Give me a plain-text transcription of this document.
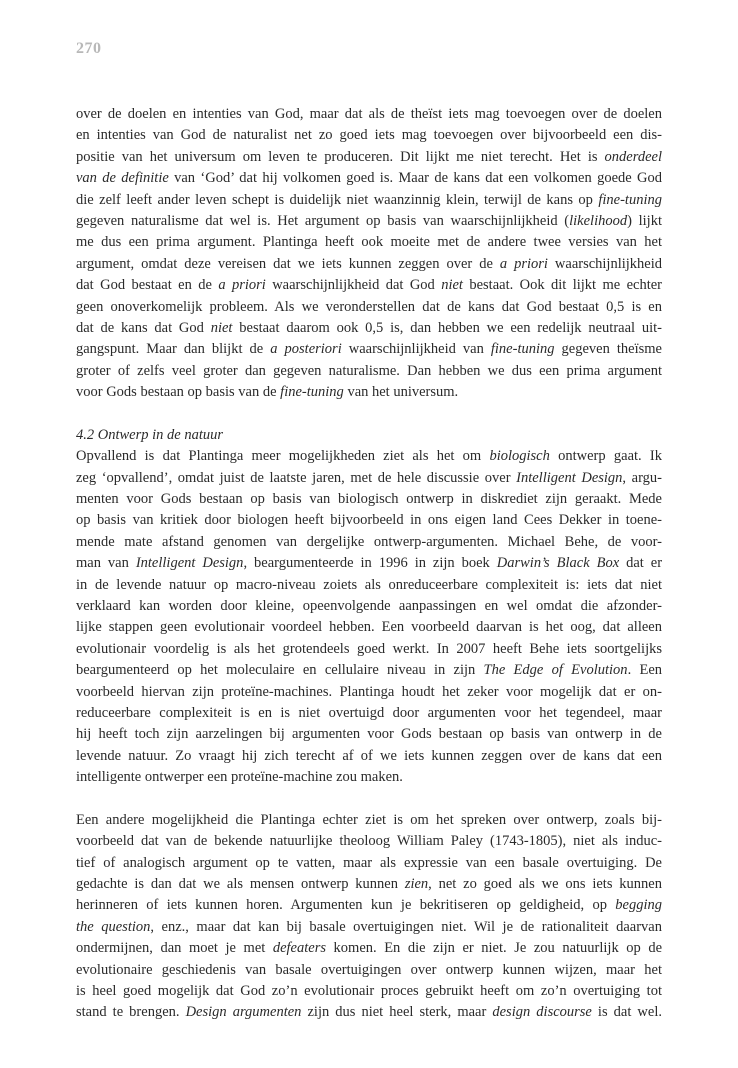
270
over de doelen en intenties van God, maar dat als de theïst iets mag toevoegen over de doelen
en intenties van God de naturalist net zo goed iets mag toevoegen over bijvoorbeeld een dis-
positie van het universum om leven te produceren. Dit lijkt me niet terecht. Het is onderdeel
van de definitie van ‘God’ dat hij volkomen goed is. Maar de kans dat een volkomen goede God
die zelf leeft ander leven schept is duidelijk niet waanzinnig klein, terwijl de kans op fine-tuning
gegeven naturalisme dat wel is. Het argument op basis van waarschijnlijkheid (likelihood) lijkt
me dus een prima argument. Plantinga heeft ook moeite met de andere twee versies van het
argument, omdat deze vereisen dat we iets kunnen zeggen over de a priori waarschijnlijkheid
dat God bestaat en de a priori waarschijnlijkheid dat God niet bestaat. Ook dit lijkt me echter
geen onoverkomelijk probleem. Als we veronderstellen dat de kans dat God bestaat 0,5 is en
dat de kans dat God niet bestaat daarom ook 0,5 is, dan hebben we een redelijk neutraal uit-
gangspunt. Maar dan blijkt de a posteriori waarschijnlijkheid van fine-tuning gegeven theïsme
groter of zelfs veel groter dan gegeven naturalisme. Dan hebben we dus een prima argument
voor Gods bestaan op basis van de fine-tuning van het universum.
4.2 Ontwerp in de natuur
Opvallend is dat Plantinga meer mogelijkheden ziet als het om biologisch ontwerp gaat. Ik
zeg ‘opvallend’, omdat juist de laatste jaren, met de hele discussie over Intelligent Design, argu-
menten voor Gods bestaan op basis van biologisch ontwerp in diskrediet zijn geraakt. Mede
op basis van kritiek door biologen heeft bijvoorbeeld in ons eigen land Cees Dekker in toene-
mende mate afstand genomen van dergelijke ontwerp-argumenten. Michael Behe, de voor-
man van Intelligent Design, beargumenteerde in 1996 in zijn boek Darwin’s Black Box dat er
in de levende natuur op macro-niveau zoiets als onreduceerbare complexiteit is: iets dat niet
verklaard kan worden door kleine, opeenvolgende aanpassingen en wel omdat die afzonder-
lijke stappen geen evolutionair voordeel hebben. Een voorbeeld daarvan is het oog, dat alleen
evolutionair voordelig is als het grotendeels goed werkt. In 2007 heeft Behe iets soortgelijks
beargumenteerd op het moleculaire en cellulaire niveau in zijn The Edge of Evolution. Een
voorbeeld hiervan zijn proteïne-machines. Plantinga houdt het zeker voor mogelijk dat er on-
reduceerbare complexiteit is en is niet overtuigd door argumenten voor het tegendeel, maar
hij heeft toch zijn aarzelingen bij argumenten voor Gods bestaan op basis van ontwerp in de
levende natuur. Zo vraagt hij zich terecht af of we iets kunnen zeggen over de kans dat een
intelligente ontwerper een proteïne-machine zou maken.
Een andere mogelijkheid die Plantinga echter ziet is om het spreken over ontwerp, zoals bij-
voorbeeld dat van de bekende natuurlijke theoloog William Paley (1743-1805), niet als induc-
tief of analogisch argument op te vatten, maar als expressie van een basale overtuiging. De
gedachte is dan dat we als mensen ontwerp kunnen zien, net zo goed als we ons iets kunnen
herinneren of iets kunnen horen. Argumenten kun je bekritiseren op geldigheid, op begging
the question, enz., maar dat kan bij basale overtuigingen niet. Wil je de rationaliteit daarvan
ondermijnen, dan moet je met defeaters komen. En die zijn er niet. Je zou natuurlijk op de
evolutionaire geschiedenis van basale overtuigingen over ontwerp kunnen wijzen, maar het
is heel goed mogelijk dat God zo’n evolutionair proces gebruikt heeft om zo’n overtuiging tot
stand te brengen. Design argumenten zijn dus niet heel sterk, maar design discourse is dat wel.
